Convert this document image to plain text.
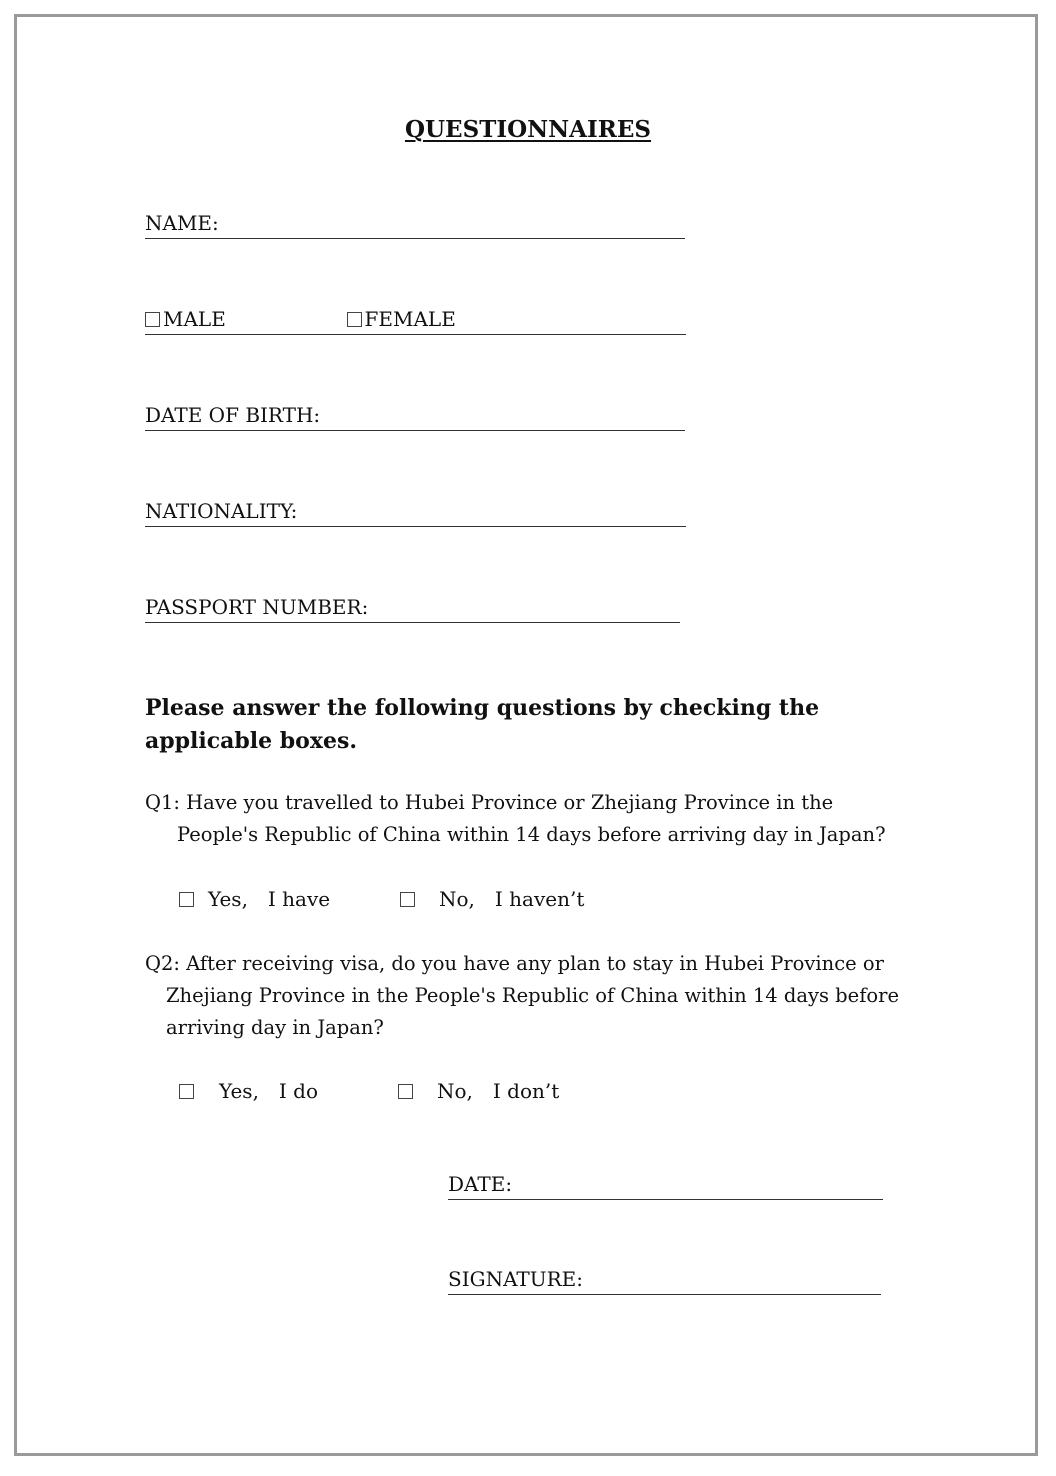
QUESTIONNAIRES
NAME:
MALE	FEMALE
DATE OF BIRTH:
NATIONALITY:
PASSPORT NUMBER:
Please answer the following questions by checking the applicable boxes.
Q1: Have you travelled to Hubei Province or Zhejiang Province in the
People's Republic of China within 14 days before arriving day in Japan?
Yes,　I have	No,　I haven’t
Q2: After receiving visa, do you have any plan to stay in Hubei Province or
Zhejiang Province in the People's Republic of China within 14 days before
arriving day in Japan?
Yes,　I do	No,　I don’t
DATE:
SIGNATURE:
